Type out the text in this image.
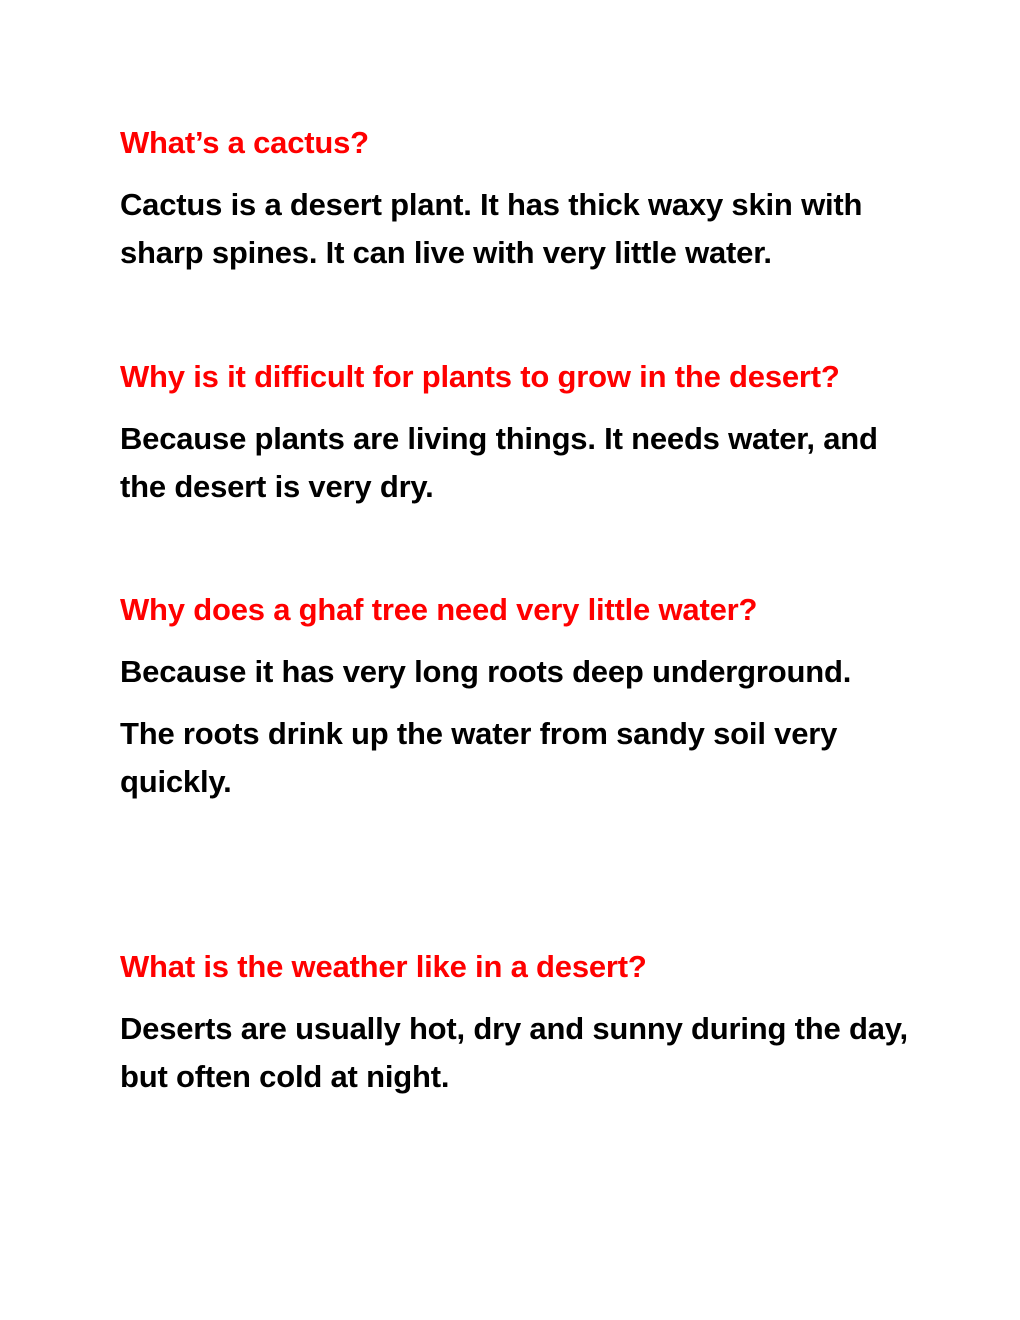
What’s a cactus?

Cactus is a desert plant. It has thick waxy skin with sharp spines. It can live with very little water.

Why is it difficult for plants to grow in the desert?

Because plants are living things. It needs water, and the desert is very dry.

Why does a ghaf tree need very little water?

Because it has very long roots deep underground.

The roots drink up the water from sandy soil very quickly.

What is the weather like in a desert?

Deserts are usually hot, dry and sunny during the day, but often cold at night.
